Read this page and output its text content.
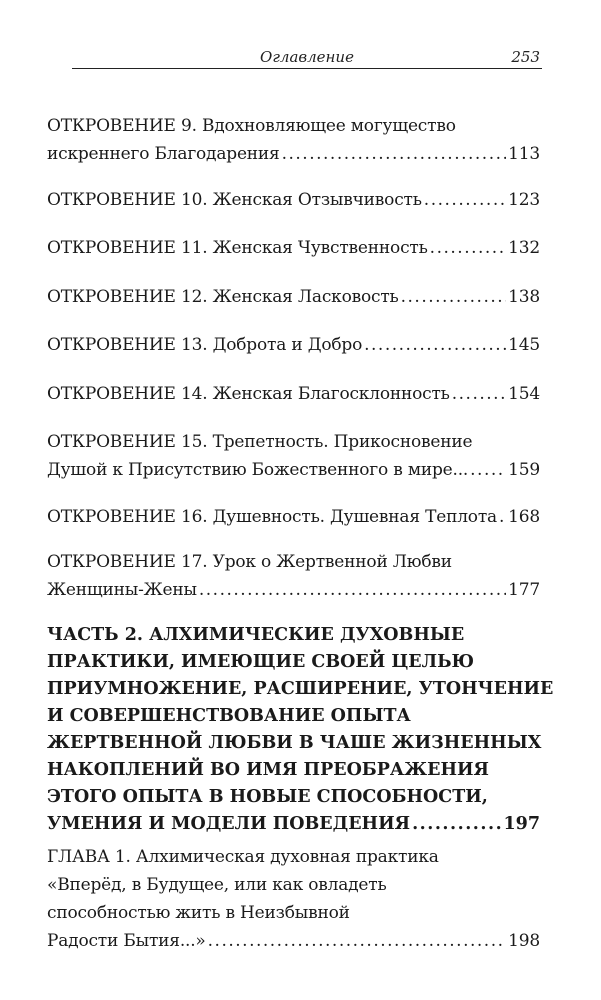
Оглавление	253
ОТКРОВЕНИЕ 9. Вдохновляющее могущество
искреннего Благодарения .....	113
ОТКРОВЕНИЕ 10. Женская Отзывчивость .....	123
ОТКРОВЕНИЕ 11. Женская Чувственность .....	132
ОТКРОВЕНИЕ 12. Женская Ласковость .....	138
ОТКРОВЕНИЕ 13. Доброта и Добро .....	145
ОТКРОВЕНИЕ 14. Женская Благосклонность .....	154
ОТКРОВЕНИЕ 15. Трепетность. Прикосновение
Душой к Присутствию Божественного в мире... ..... 159
ОТКРОВЕНИЕ 16. Душевность. Душевная Теплота ..... 168
ОТКРОВЕНИЕ 17. Урок о Жертвенной Любви
Женщины-Жены .....	177
ЧАСТЬ 2. АЛХИМИЧЕСКИЕ ДУХОВНЫЕ
ПРАКТИКИ, ИМЕЮЩИЕ СВОЕЙ ЦЕЛЬЮ
ПРИУМНОЖЕНИЕ, РАСШИРЕНИЕ, УТОНЧЕНИЕ
И СОВЕРШЕНСТВОВАНИЕ ОПЫТА
ЖЕРТВЕННОЙ ЛЮБВИ В ЧАШЕ ЖИЗНЕННЫХ
НАКОПЛЕНИЙ ВО ИМЯ ПРЕОБРАЖЕНИЯ
ЭТОГО ОПЫТА В НОВЫЕ СПОСОБНОСТИ,
УМЕНИЯ И МОДЕЛИ ПОВЕДЕНИЯ .....	197
ГЛАВА 1. Алхимическая духовная практика
«Вперёд, в Будущее, или как овладеть
способностью жить в Неизбывной
Радости Бытия...» .....	198
